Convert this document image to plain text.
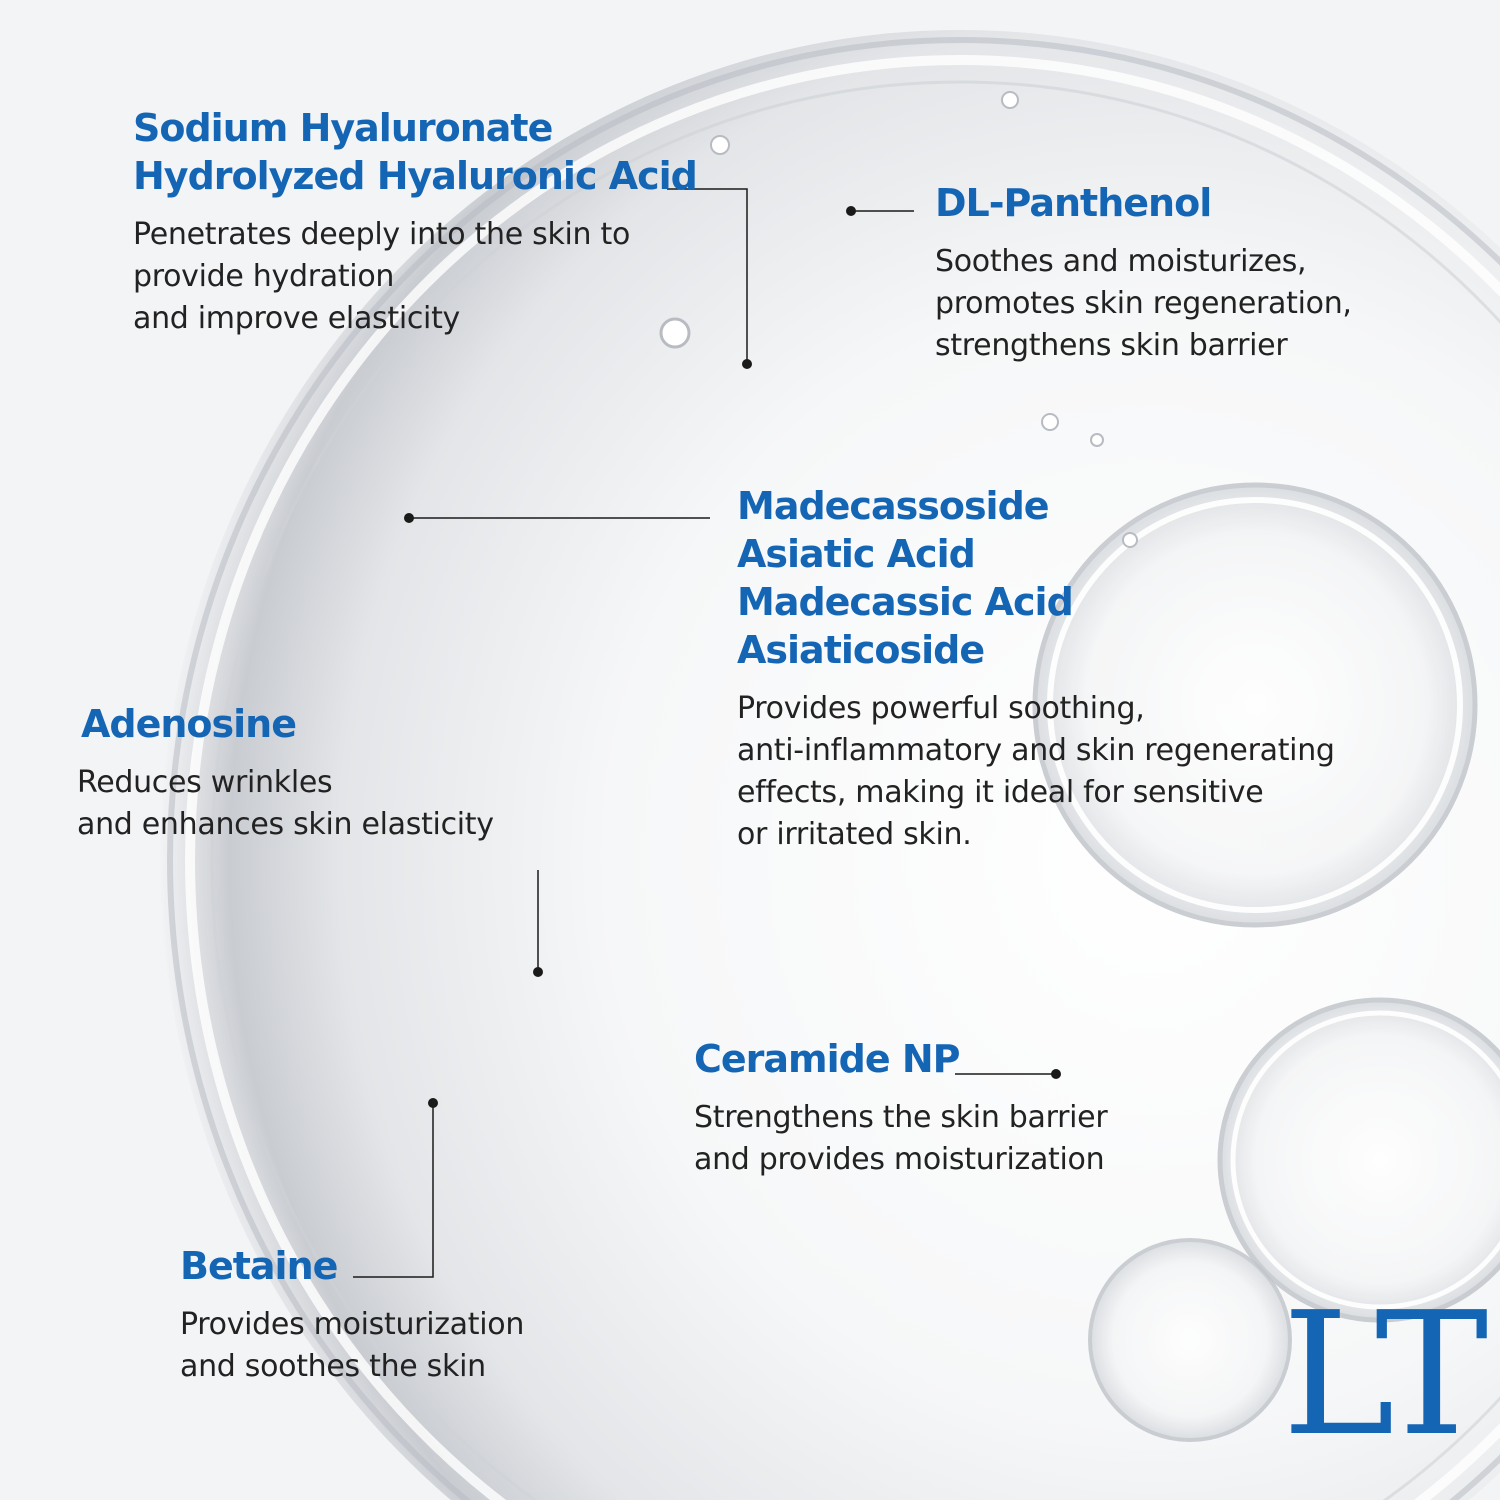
Sodium Hyaluronate
Hydrolyzed Hyaluronic Acid
Penetrates deeply into the skin to
provide hydration
and improve elasticity
DL-Panthenol
Soothes and moisturizes,
promotes skin regeneration,
strengthens skin barrier
Madecassoside
Asiatic Acid
Madecassic Acid
Asiaticoside
Provides powerful soothing,
anti-inflammatory and skin regenerating
effects, making it ideal for sensitive
or irritated skin.
Adenosine
Reduces wrinkles
and enhances skin elasticity
Ceramide NP
Strengthens the skin barrier
and provides moisturization
Betaine
Provides moisturization
and soothes the skin	LT
